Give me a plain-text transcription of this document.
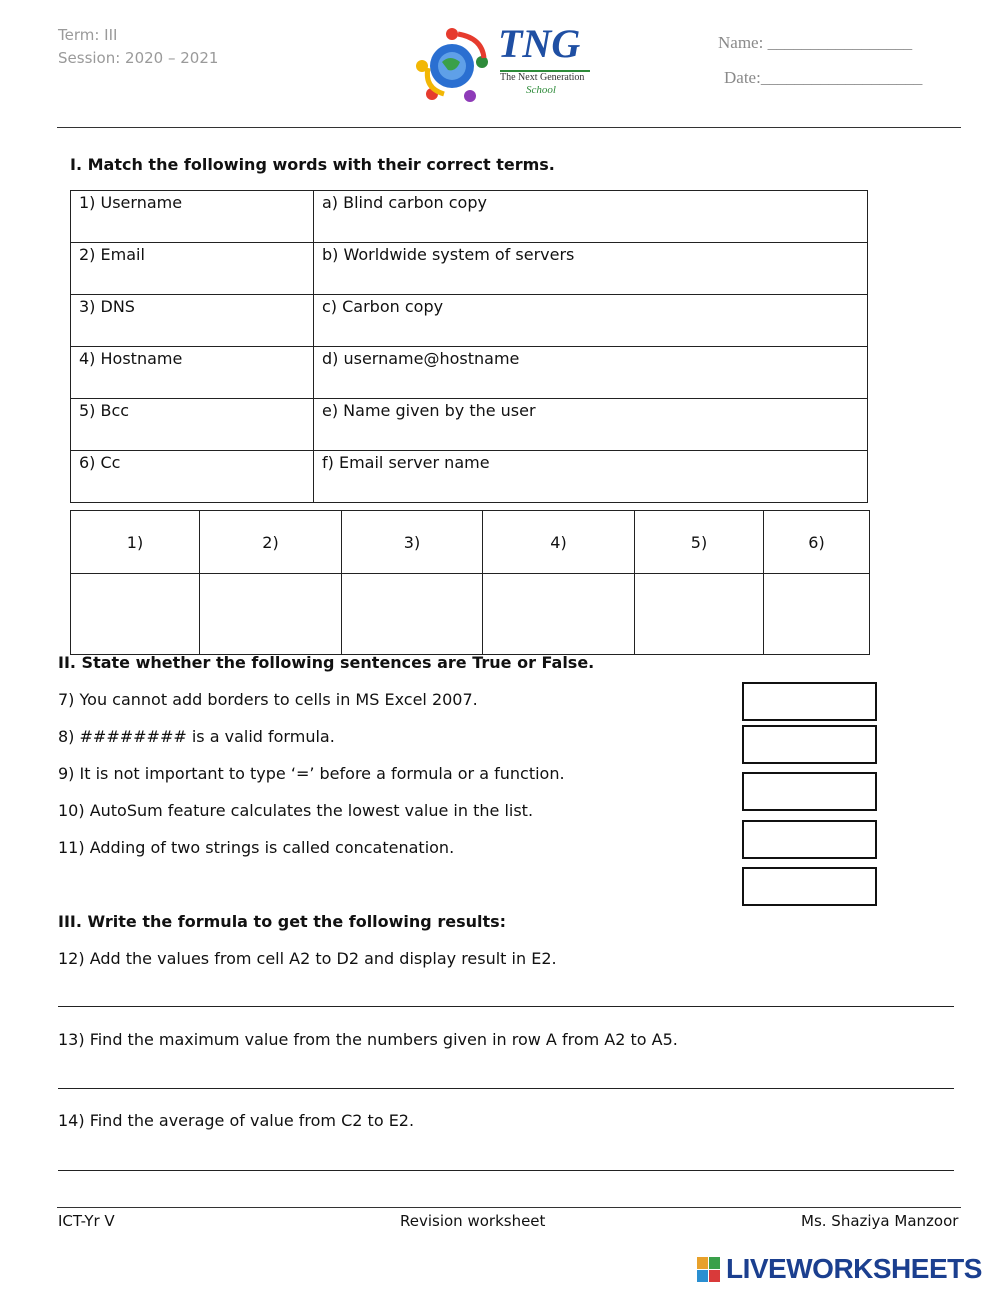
Term: III
Session: 2020 – 2021	TNG
The Next Generation
School
Name: _________________
Date:___________________
I. Match the following words with their correct terms.
1) Username	a) Blind carbon copy
2) Email	b) Worldwide system of servers
3) DNS	c) Carbon copy
4) Hostname	d) username@hostname
5) Bcc	e) Name given by the user
6) Cc	f) Email server name
1)	2)	3)	4)	5)	6)

II. State whether the following sentences are True or False.
7) You cannot add borders to cells in MS Excel 2007.
8) ######## is a valid formula.
9) It is not important to type ‘=’ before a formula or a function.
10) AutoSum feature calculates the lowest value in the list.
11) Adding of two strings is called concatenation.
III. Write the formula to get the following results:
12) Add the values from cell A2 to D2 and display result in E2.
13) Find the maximum value from the numbers given in row A from A2 to A5.
14) Find the average of value from C2 to E2.
ICT-Yr V	Revision worksheet	Ms. Shaziya Manzoor
LIVEWORKSHEETS
